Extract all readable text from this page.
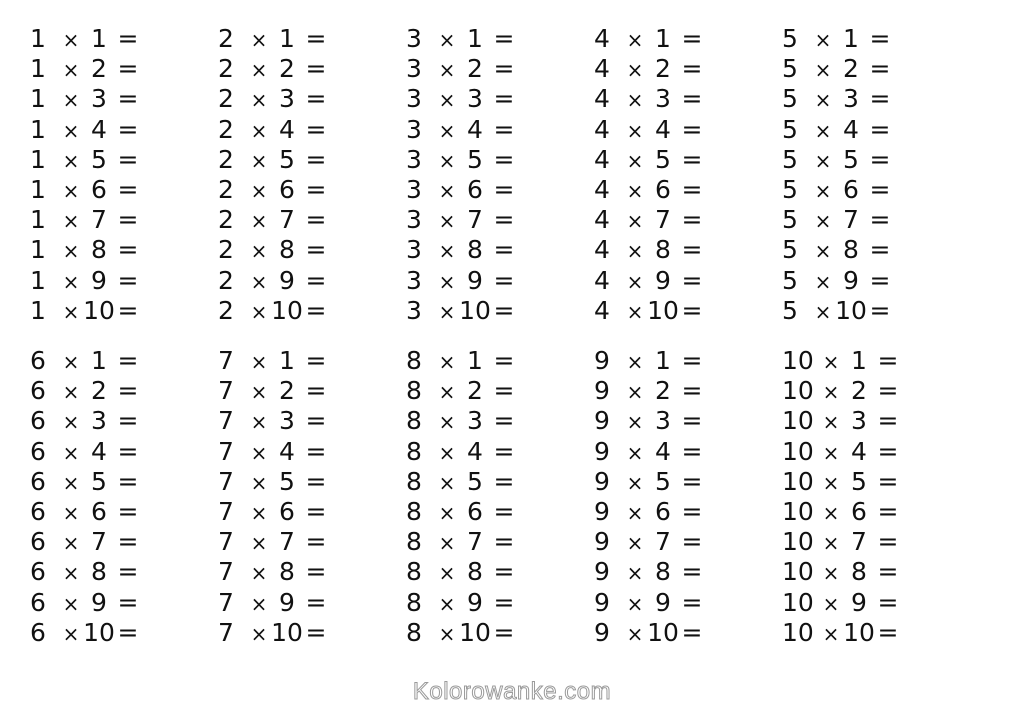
1 × 1 =
1 × 2 =
1 × 3 =
1 × 4 =
1 × 5 =
1 × 6 =
1 × 7 =
1 × 8 =
1 × 9 =
1 × 10 =
2 × 1 =
2 × 2 =
2 × 3 =
2 × 4 =
2 × 5 =
2 × 6 =
2 × 7 =
2 × 8 =
2 × 9 =
2 × 10 =
3 × 1 =
3 × 2 =
3 × 3 =
3 × 4 =
3 × 5 =
3 × 6 =
3 × 7 =
3 × 8 =
3 × 9 =
3 × 10 =
4 × 1 =
4 × 2 =
4 × 3 =
4 × 4 =
4 × 5 =
4 × 6 =
4 × 7 =
4 × 8 =
4 × 9 =
4 × 10 =
5 × 1 =
5 × 2 =
5 × 3 =
5 × 4 =
5 × 5 =
5 × 6 =
5 × 7 =
5 × 8 =
5 × 9 =
5 × 10 =
6 × 1 =
6 × 2 =
6 × 3 =
6 × 4 =
6 × 5 =
6 × 6 =
6 × 7 =
6 × 8 =
6 × 9 =
6 × 10 =
7 × 1 =
7 × 2 =
7 × 3 =
7 × 4 =
7 × 5 =
7 × 6 =
7 × 7 =
7 × 8 =
7 × 9 =
7 × 10 =
8 × 1 =
8 × 2 =
8 × 3 =
8 × 4 =
8 × 5 =
8 × 6 =
8 × 7 =
8 × 8 =
8 × 9 =
8 × 10 =
9 × 1 =
9 × 2 =
9 × 3 =
9 × 4 =
9 × 5 =
9 × 6 =
9 × 7 =
9 × 8 =
9 × 9 =
9 × 10 =
10 × 1 =
10 × 2 =
10 × 3 =
10 × 4 =
10 × 5 =
10 × 6 =
10 × 7 =
10 × 8 =
10 × 9 =
10 × 10 =
Kolorowanke.com
